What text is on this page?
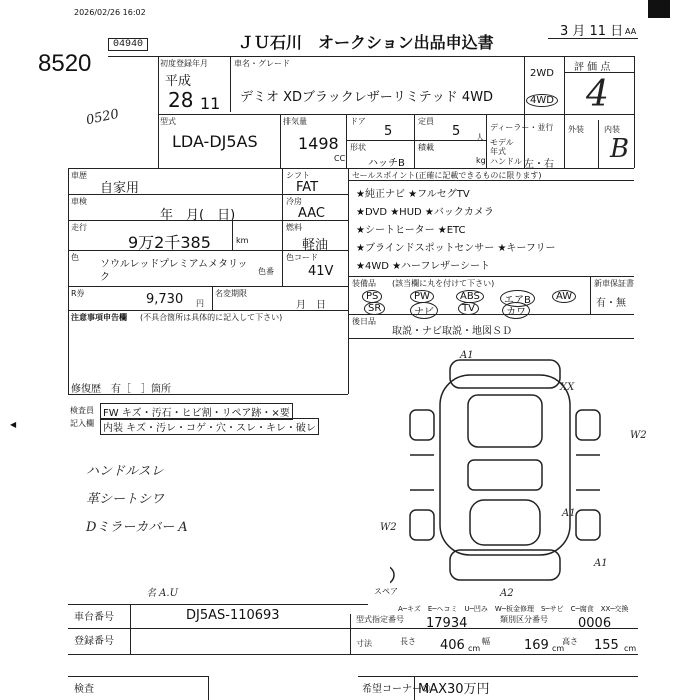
2026/02/26 16:02
04940	ＪＵ石川　オークション出品申込書
3 月 11 日 AA
8520
0520
初度登録年月
平成
28 11
車名・グレード
デミオ XDブラックレザーリミテッド 4WD
2WD
4WD
評 価 点
4
型式
LDA-DJ5AS
排気量
1498
CC
ドア
5
定員
5 人
形状
ハッチB
積載
kg
ディーラー・並行
モデル年式
ハンドル 左・右
外装	内装
B
車歴
自家用
車検
年　月(　日)
走行
9万2千385	km
色
ソウルレッドプレミアムメタリック
色番
シフト
FAT
冷房
AAC
燃料
軽油
色コード
41V
R券	9,730 円
名変期限
月　日
注意事項申告欄 (不具合箇所は具体的に記入して下さい)
修復歴　有［　］箇所
セールスポイント(正確に記載できるものに限ります)
★純正ナビ ★フルセグTV
★DVD ★HUD ★バックカメラ
★シートヒーター ★ETC
★ブラインドスポットセンサー ★キーフリー
★4WD ★ハーフレザーシート
装備品 (該当欄に丸を付けて下さい)
PS	PW	ABS	エアB	AW
SR	ナビ	TV	カワ
新車保証書
有・無
後日品
取説・ナビ取説・地図ＳＤ
検査員
記入欄
FW キズ・汚石・ヒビ割・リペア跡・×要
内装 キズ・汚レ・コゲ・穴・スレ・キレ・破レ
ハンドルスレ
革シートシワ
Dミラーカバー A
名 A.U
A1
XX
W2
W2
A1
A1
A2
スペア
A─キズ　E─ヘコミ　U─凹み　W─板金修理　S─サビ　C─腐食　XX─交換
車台番号	DJ5AS-110693
登録番号
型式指定番号 17934	類別区分番号 0006
寸法	長さ 406 cm
幅	169 cm
高さ 155 cm
検査	希望コーナー①
MAX30万円
◀
